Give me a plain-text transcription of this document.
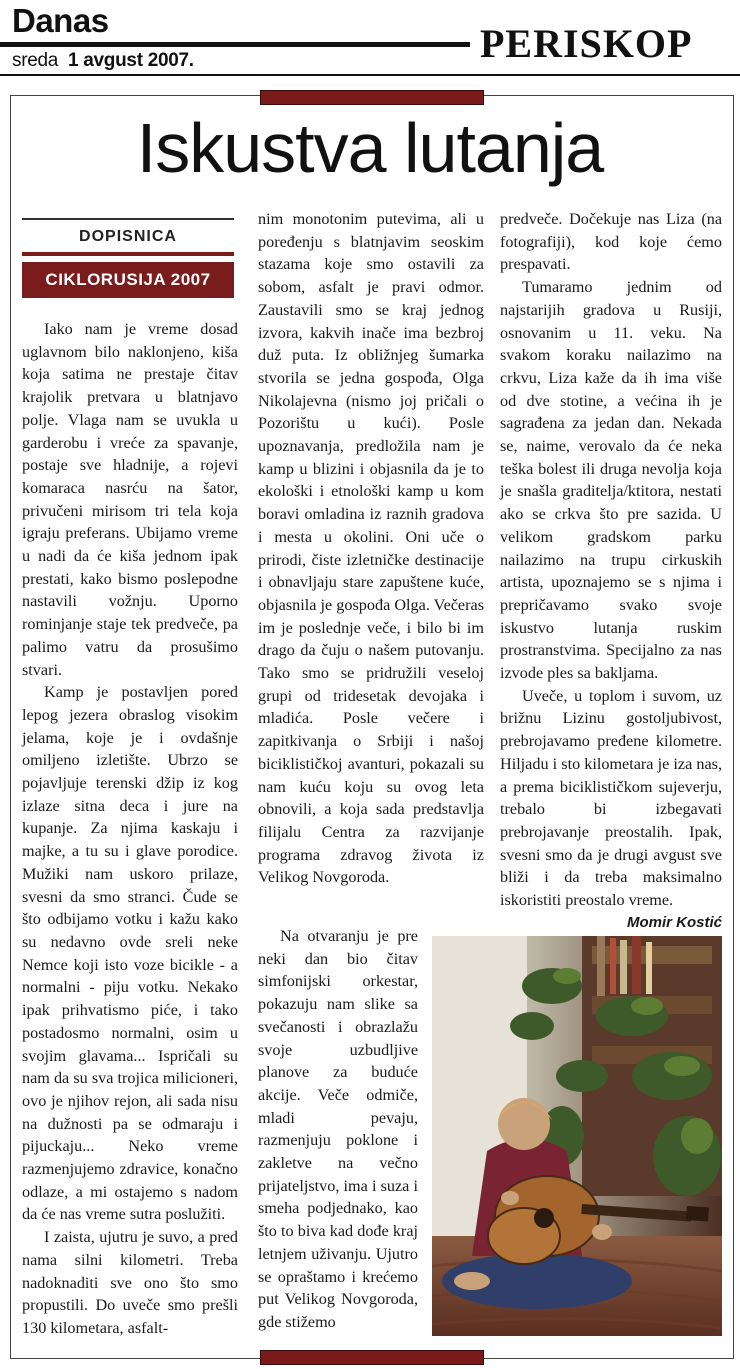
Danas
sreda 1 avgust 2007.	PERISKOP
Iskustva lutanja
DOPISNICA
CIKLORUSIJA 2007

Iako nam je vreme dosad uglavnom bilo naklonjeno, kiša koja satima ne prestaje čitav krajolik pretvara u blatnjavo polje. Vlaga nam se uvukla u garderobu i vreće za spavanje, postaje sve hladnije, a rojevi komaraca nasrću na šator, privučeni mirisom tri tela koja igraju preferans. Ubijamo vreme u nadi da će kiša jednom ipak prestati, kako bismo poslepodne nastavili vožnju. Uporno rominjanje staje tek predveče, pa palimo vatru da prosušimo stvari.

Kamp je postavljen pored lepog jezera obraslog visokim jelama, koje je i ovdašnje omiljeno izletište. Ubrzo se pojavljuje terenski džip iz kog izlaze sitna deca i jure na kupanje. Za njima kaskaju i majke, a tu su i glave porodice. Mužiki nam uskoro prilaze, svesni da smo stranci. Čude se što odbijamo votku i kažu kako su nedavno ovde sreli neke Nemce koji isto voze bicikle - a normalni - piju votku. Nekako ipak prihvatismo piće, i tako postadosmo normalni, osim u svojim glavama... Ispričali su nam da su sva trojica milicioneri, ovo je njihov rejon, ali sada nisu na dužnosti pa se odmaraju i pijuckaju... Neko vreme razmenjujemo zdravice, konačno odlaze, a mi ostajemo s nadom da će nas vreme sutra poslužiti.

I zaista, ujutru je suvo, a pred nama silni kilometri. Treba nadoknaditi sve ono što smo propustili. Do uveče smo prešli 130 kilometara, asfalt-

nim monotonim putevima, ali u poređenju s blatnjavim seoskim stazama koje smo ostavili za sobom, asfalt je pravi odmor. Zaustavili smo se kraj jednog izvora, kakvih inače ima bezbroj duž puta. Iz obližnjeg šumarka stvorila se jedna gospođa, Olga Nikolajevna (nismo joj pričali o Pozorištu u kući). Posle upoznavanja, predložila nam je kamp u blizini i objasnila da je to ekološki i etnološki kamp u kom boravi omladina iz raznih gradova i mesta u okolini. Oni uče o prirodi, čiste izletničke destinacije i obnavljaju stare zapuštene kuće, objasnila je gospođa Olga. Večeras im je poslednje veče, i bilo bi im drago da čuju o našem putovanju. Tako smo se pridružili veseloj grupi od tridesetak devojaka i mladića. Posle večere i zapitkivanja o Srbiji i našoj biciklističkoj avanturi, pokazali su nam kuću koju su ovog leta obnovili, a koja sada predstavlja filijalu Centra za razvijanje programa zdravog života iz Velikog Novgoroda.

Na otvaranju je pre neki dan bio čitav simfonijski orkestar, pokazuju nam slike sa svečanosti i obrazlažu svoje uzbudljive planove za buduće akcije. Veče odmiče, mladi pevaju, razmenjuju poklone i zakletve na večno prijateljstvo, ima i suza i smeha podjednako, kao što to biva kad dođe kraj letnjem uživanju. Ujutro se opraštamo i krećemo put Velikog Novgoroda, gde stižemo

predveče. Dočekuje nas Liza (na fotografiji), kod koje ćemo prespavati.

Tumaramo jednim od najstarijih gradova u Rusiji, osnovanim u 11. veku. Na svakom koraku nailazimo na crkvu, Liza kaže da ih ima više od dve stotine, a većina ih je sagrađena za jedan dan. Nekada se, naime, verovalo da će neka teška bolest ili druga nevolja koja je snašla graditelja/ktitora, nestati ako se crkva što pre sazida. U velikom gradskom parku nailazimo na trupu cirkuskih artista, upoznajemo se s njima i prepričavamo svako svoje iskustvo lutanja ruskim prostranstvima. Specijalno za nas izvode ples sa bakljama.

Uveče, u toplom i suvom, uz brižnu Lizinu gostoljubivost, prebrojavamo pređene kilometre. Hiljadu i sto kilometara je iza nas, a prema biciklističkom sujeverju, trebalo bi izbegavati prebrojavanje preostalih. Ipak, svesni smo da je drugi avgust sve bliži i da treba maksimalno iskoristiti preostalo vreme.
Momir Kostić
